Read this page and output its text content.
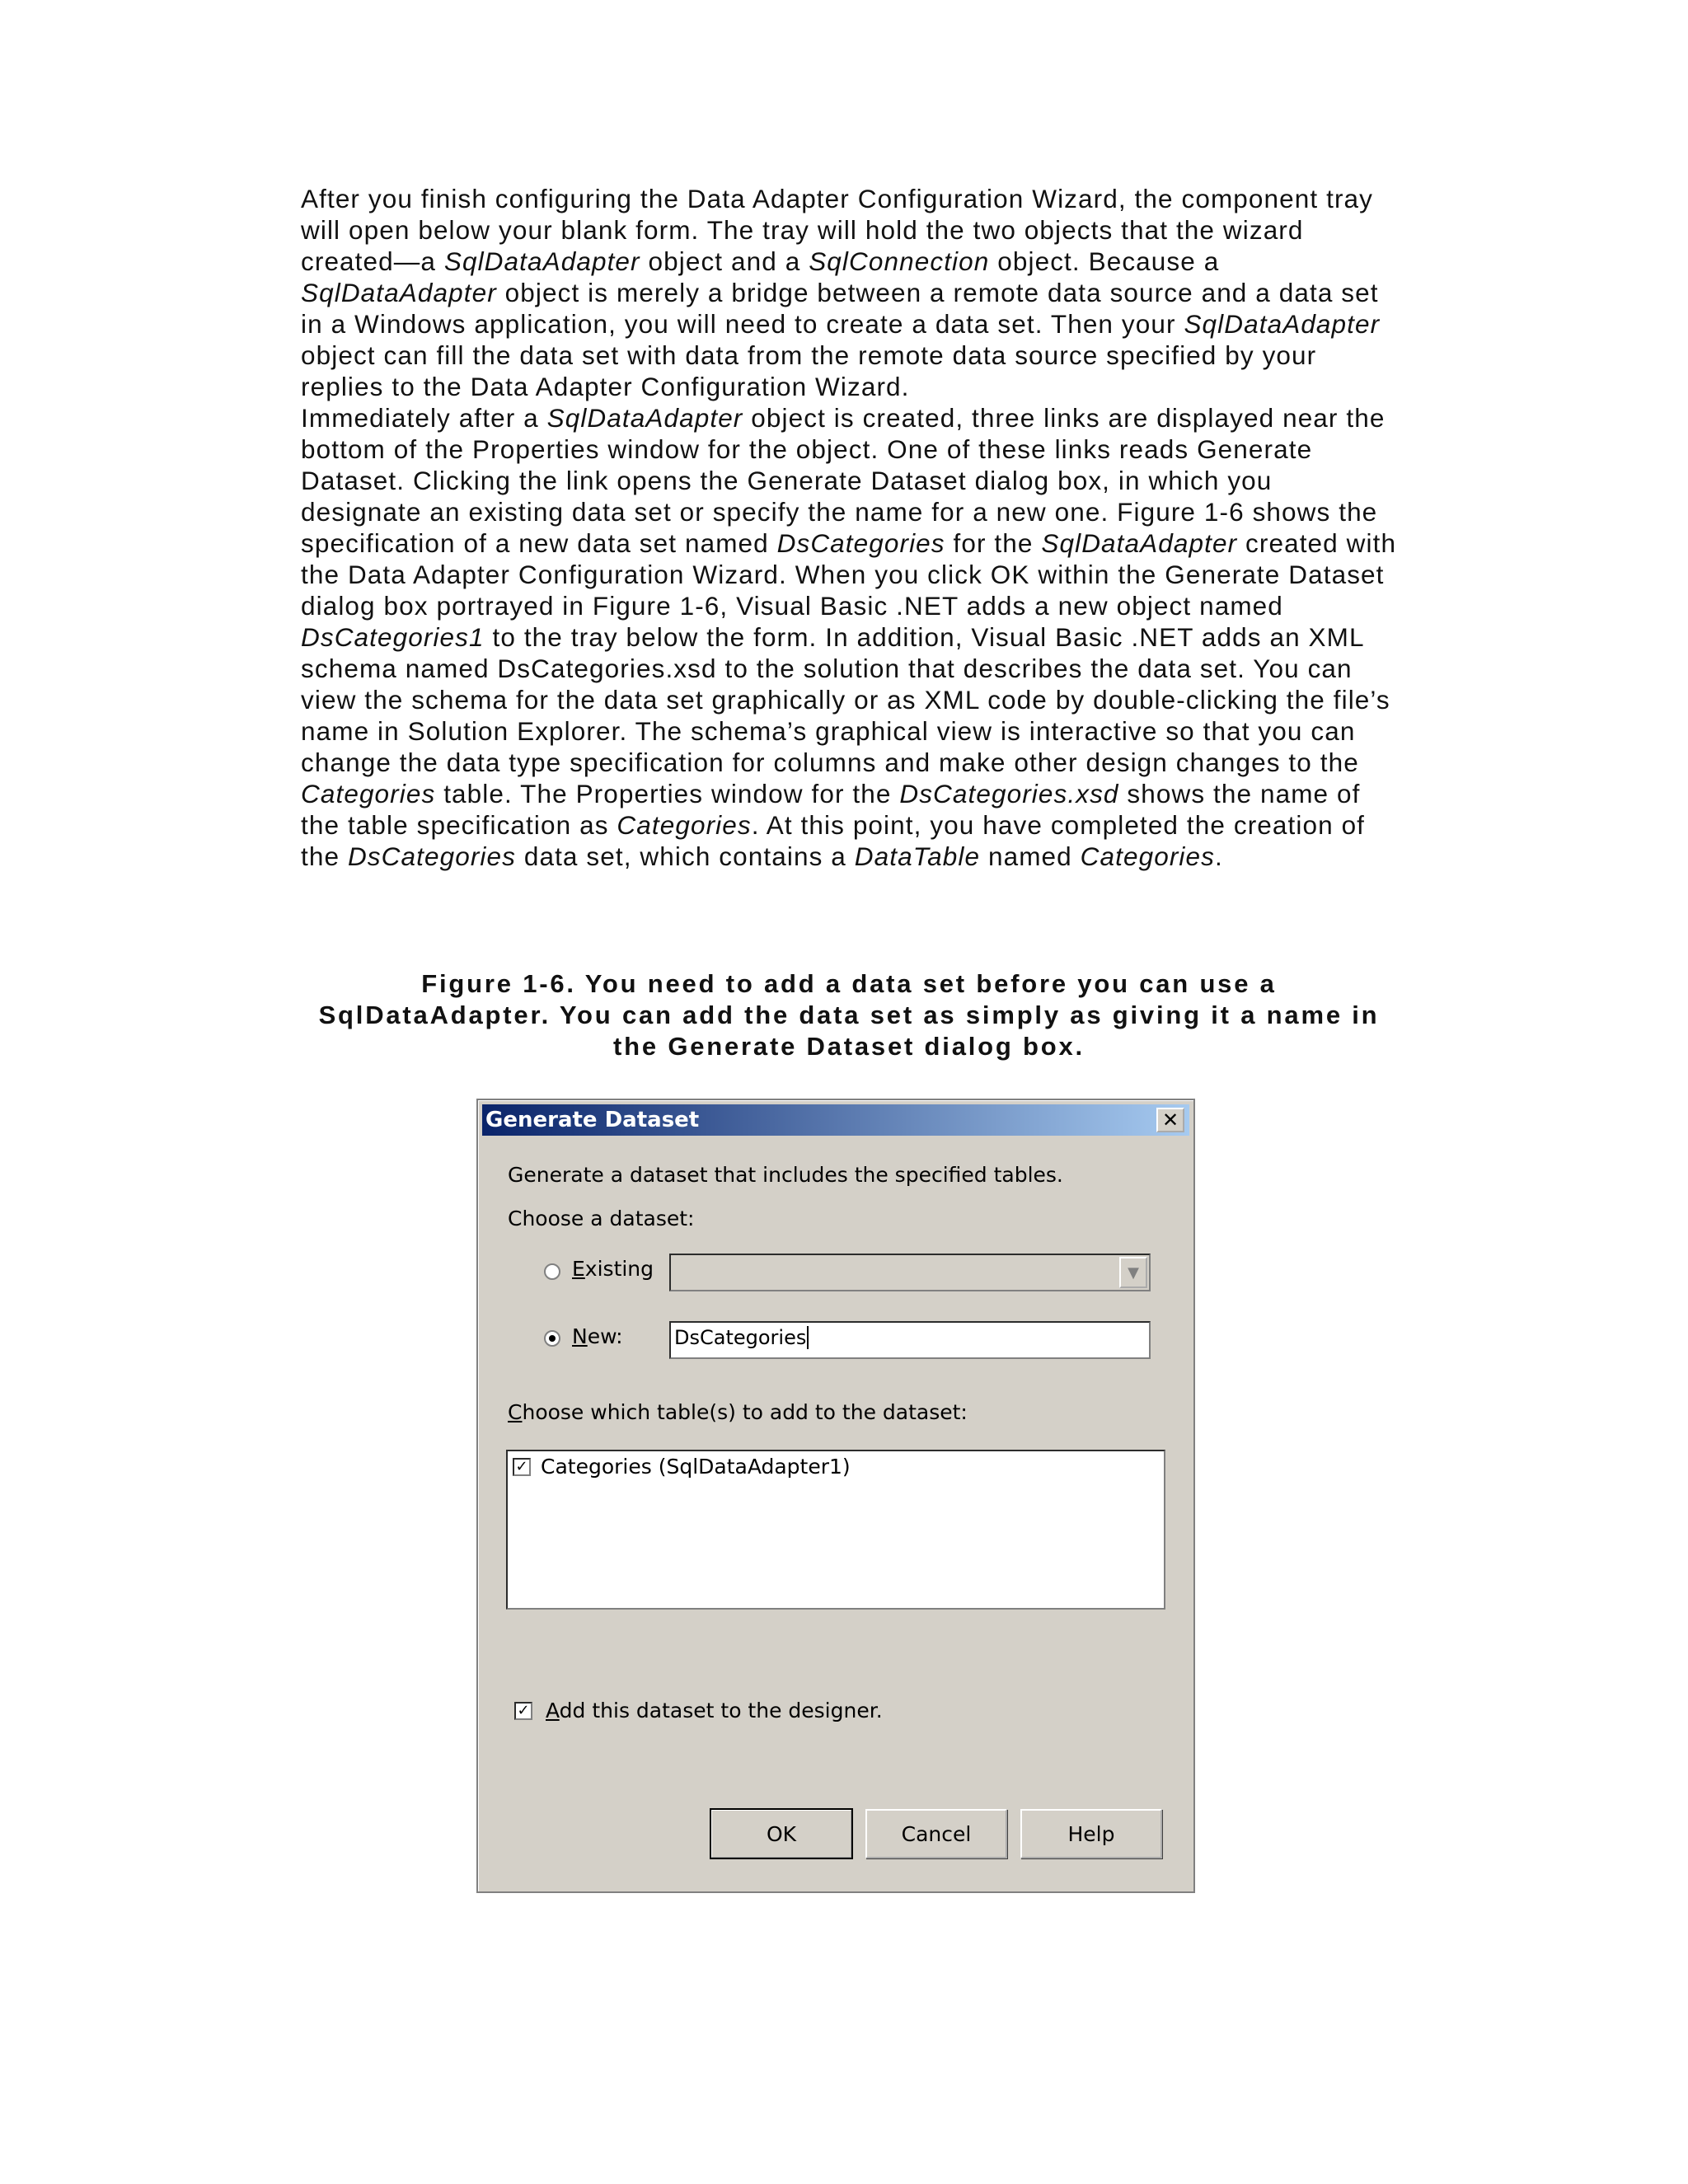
After you finish configuring the Data Adapter Configuration Wizard, the component tray will open below your blank form. The tray will hold the two objects that the wizard created—a SqlDataAdapter object and a SqlConnection object. Because a SqlDataAdapter object is merely a bridge between a remote data source and a data set in a Windows application, you will need to create a data set. Then your SqlDataAdapter object can fill the data set with data from the remote data source specified by your replies to the Data Adapter Configuration Wizard.

Immediately after a SqlDataAdapter object is created, three links are displayed near the bottom of the Properties window for the object. One of these links reads Generate Dataset. Clicking the link opens the Generate Dataset dialog box, in which you designate an existing data set or specify the name for a new one. Figure 1-6 shows the specification of a new data set named DsCategories for the SqlDataAdapter created with the Data Adapter Configuration Wizard. When you click OK within the Generate Dataset dialog box portrayed in Figure 1-6, Visual Basic .NET adds a new object named DsCategories1 to the tray below the form. In addition, Visual Basic .NET adds an XML schema named DsCategories.xsd to the solution that describes the data set. You can view the schema for the data set graphically or as XML code by double-clicking the file’s name in Solution Explorer. The schema’s graphical view is interactive so that you can change the data type specification for columns and make other design changes to the Categories table. The Properties window for the DsCategories.xsd shows the name of the table specification as Categories. At this point, you have completed the creation of the DsCategories data set, which contains a DataTable named Categories.

Figure 1-6. You need to add a data set before you can use a

SqlDataAdapter. You can add the data set as simply as giving it a name in

the Generate Dataset dialog box.

Generate Dataset	✕
Generate a dataset that includes the specified tables.
Choose a dataset:
Existing	▼
New:	DsCategories
Choose which table(s) to add to the dataset:
✓ Categories (SqlDataAdapter1)
✓ Add this dataset to the designer.
OK	Cancel	Help
